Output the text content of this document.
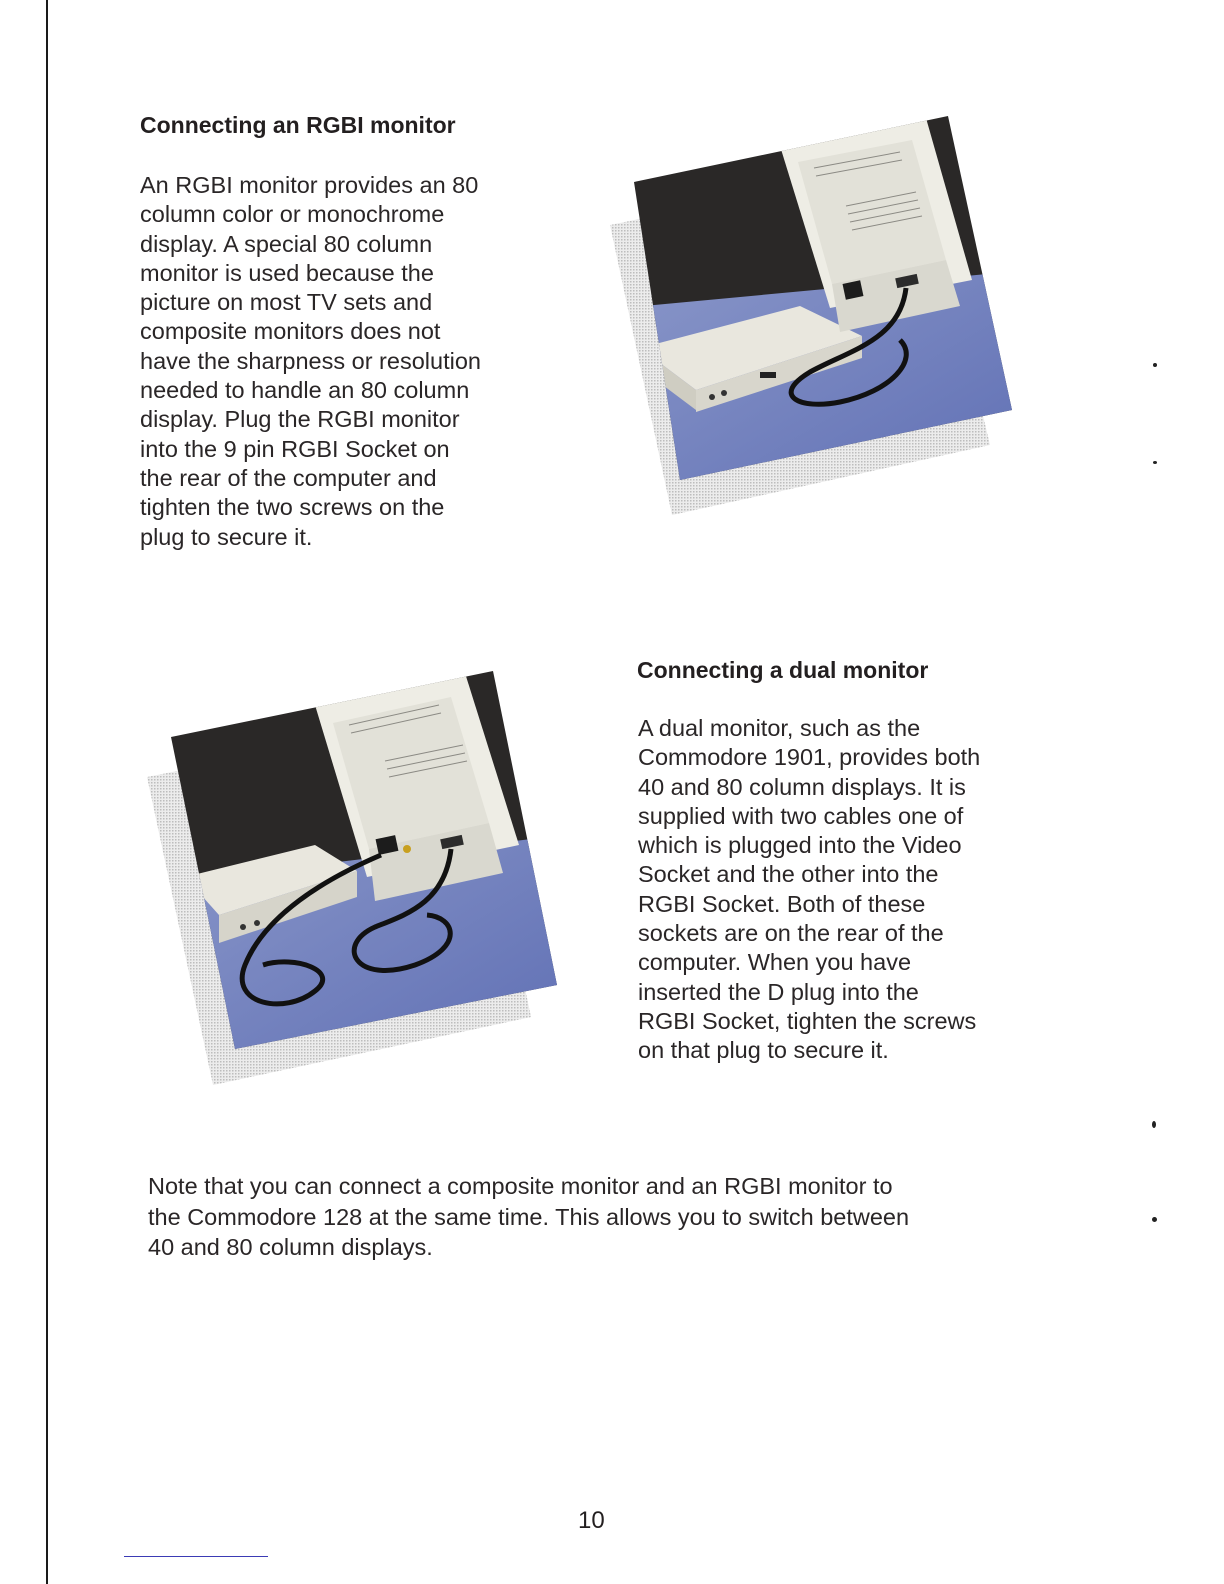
Connecting an RGBI monitor
An RGBI monitor provides an 80
column color or monochrome
display. A special 80 column
monitor is used because the
picture on most TV sets and
composite monitors does not
have the sharpness or resolution
needed to handle an 80 column
display. Plug the RGBI monitor
into the 9 pin RGBI Socket on
the rear of the computer and
tighten the two screws on the
plug to secure it.
Connecting a dual monitor
A dual monitor, such as the
Commodore 1901, provides both
40 and 80 column displays. It is
supplied with two cables one of
which is plugged into the Video
Socket and the other into the
RGBI Socket. Both of these
sockets are on the rear of the
computer. When you have
inserted the D plug into the
RGBI Socket, tighten the screws
on that plug to secure it.
Note that you can connect a composite monitor and an RGBI monitor to
the Commodore 128 at the same time. This allows you to switch between
40 and 80 column displays.
10
